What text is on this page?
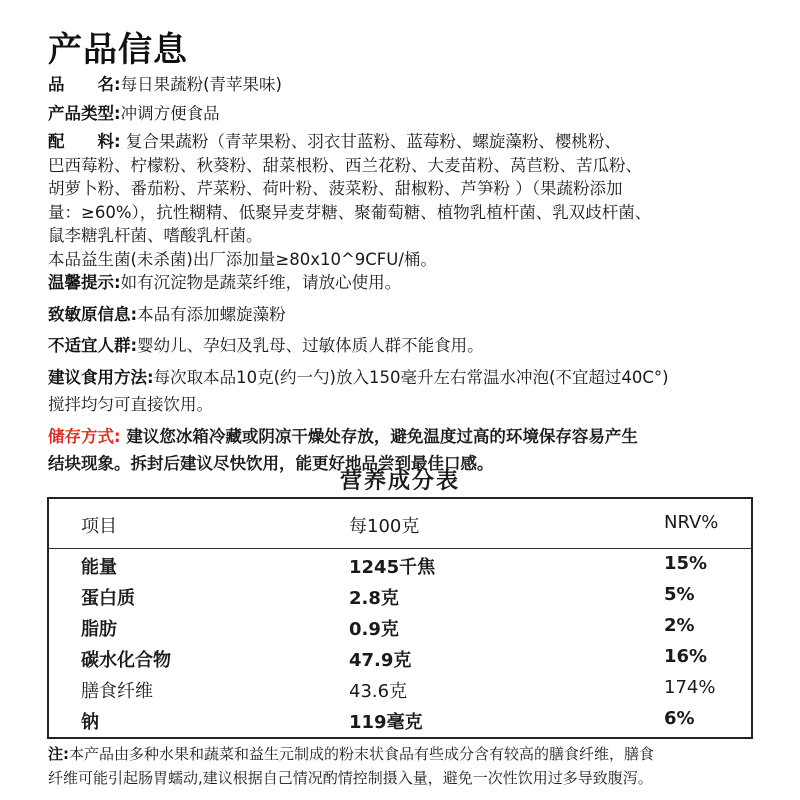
产品信息
品　　名:每日果蔬粉(青苹果味)
产品类型:冲调方便食品
配　　料: 复合果蔬粉（青苹果粉、羽衣甘蓝粉、蓝莓粉、螺旋藻粉、樱桃粉、
巴西莓粉、柠檬粉、秋葵粉、甜菜根粉、西兰花粉、大麦苗粉、莴苣粉、苦瓜粉、
胡萝卜粉、番茄粉、芹菜粉、荷叶粉、菠菜粉、甜椒粉、芦笋粉 ）（果蔬粉添加
量：≥60%），抗性糊精、低聚异麦芽糖、聚葡萄糖、植物乳植杆菌、乳双歧杆菌、
鼠李糖乳杆菌、嗜酸乳杆菌。
本品益生菌(未杀菌)出厂添加量≥80x10^9CFU/桶。
温馨提示:如有沉淀物是蔬菜纤维，请放心使用。
致敏原信息:本品有添加螺旋藻粉
不适宜人群:婴幼儿、孕妇及乳母、过敏体质人群不能食用。
建议食用方法:每次取本品10克(约一勺)放入150毫升左右常温水冲泡(不宜超过40C°)
搅拌均匀可直接饮用。
储存方式: 建议您冰箱冷藏或阴凉干燥处存放，避免温度过高的环境保存容易产生
结块现象。拆封后建议尽快饮用，能更好地品尝到最佳口感。
营养成分表
项目	每100克	NRV%
能量	1245千焦	15%
蛋白质	2.8克	5%
脂肪	0.9克	2%
碳水化合物	47.9克	16%
膳食纤维	43.6克	174%
钠	119毫克	6%
注:本产品由多种水果和蔬菜和益生元制成的粉末状食品有些成分含有较高的膳食纤维，膳食
纤维可能引起肠胃蠕动,建议根据自己情况酌情控制摄入量，避免一次性饮用过多导致腹泻。
